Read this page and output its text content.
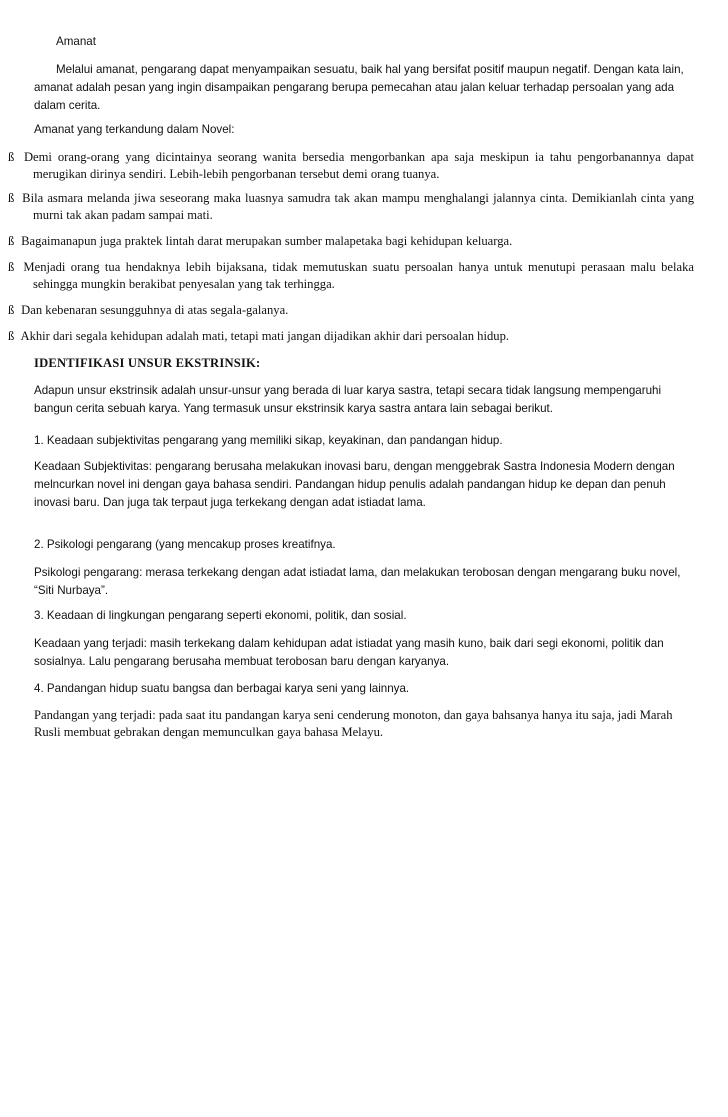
Amanat

Melalui amanat, pengarang dapat menyampaikan sesuatu, baik hal yang bersifat positif maupun negatif. Dengan kata lain, amanat adalah pesan yang ingin disampaikan pengarang berupa pemecahan atau jalan keluar terhadap persoalan yang ada dalam cerita.

Amanat yang terkandung dalam Novel:

ß Demi orang-orang yang dicintainya seorang wanita bersedia mengorbankan apa saja meskipun ia tahu pengorbanannya dapat merugikan dirinya sendiri. Lebih-lebih pengorbanan tersebut demi orang tuanya.

ß Bila asmara melanda jiwa seseorang maka luasnya samudra tak akan mampu menghalangi jalannya cinta. Demikianlah cinta yang murni tak akan padam sampai mati.

ß Bagaimanapun juga praktek lintah darat merupakan sumber malapetaka bagi kehidupan keluarga.

ß Menjadi orang tua hendaknya lebih bijaksana, tidak memutuskan suatu persoalan hanya untuk menutupi perasaan malu belaka sehingga mungkin berakibat penyesalan yang tak terhingga.

ß Dan kebenaran sesungguhnya di atas segala-galanya.

ß Akhir dari segala kehidupan adalah mati, tetapi mati jangan dijadikan akhir dari persoalan hidup.

IDENTIFIKASI UNSUR EKSTRINSIK:

Adapun unsur ekstrinsik adalah unsur-unsur yang berada di luar karya sastra, tetapi secara tidak langsung mempengaruhi bangun cerita sebuah karya. Yang termasuk unsur ekstrinsik karya sastra antara lain sebagai berikut.

1. Keadaan subjektivitas pengarang yang memiliki sikap, keyakinan, dan pandangan hidup.

Keadaan Subjektivitas: pengarang berusaha melakukan inovasi baru, dengan menggebrak Sastra Indonesia Modern dengan melncurkan novel ini dengan gaya bahasa sendiri. Pandangan hidup penulis adalah pandangan hidup ke depan dan penuh inovasi baru. Dan juga tak terpaut juga terkekang dengan adat istiadat lama.

2. Psikologi pengarang (yang mencakup proses kreatifnya.

Psikologi pengarang: merasa terkekang dengan adat istiadat lama, dan melakukan terobosan dengan mengarang buku novel, “Siti Nurbaya”.

3. Keadaan di lingkungan pengarang seperti ekonomi, politik, dan sosial.

Keadaan yang terjadi: masih terkekang dalam kehidupan adat istiadat yang masih kuno, baik dari segi ekonomi, politik dan sosialnya. Lalu pengarang berusaha membuat terobosan baru dengan karyanya.

4. Pandangan hidup suatu bangsa dan berbagai karya seni yang lainnya.

Pandangan yang terjadi: pada saat itu pandangan karya seni cenderung monoton, dan gaya bahsanya hanya itu saja, jadi Marah Rusli membuat gebrakan dengan memunculkan gaya bahasa Melayu.
